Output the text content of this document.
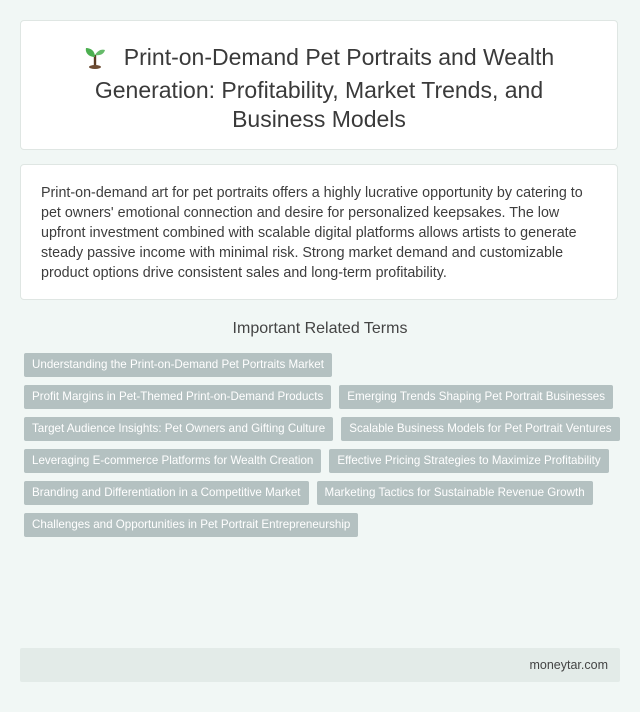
Print-on-Demand Pet Portraits and Wealth Generation: Profitability, Market Trends, and Business Models

Print-on-demand art for pet portraits offers a highly lucrative opportunity by catering to pet owners' emotional connection and desire for personalized keepsakes. The low upfront investment combined with scalable digital platforms allows artists to generate steady passive income with minimal risk. Strong market demand and customizable product options drive consistent sales and long-term profitability.

Important Related Terms
Understanding the Print-on-Demand Pet Portraits Market
Profit Margins in Pet-Themed Print-on-Demand Products	Emerging Trends Shaping Pet Portrait Businesses
Target Audience Insights: Pet Owners and Gifting Culture	Scalable Business Models for Pet Portrait Ventures
Leveraging E-commerce Platforms for Wealth Creation	Effective Pricing Strategies to Maximize Profitability
Branding and Differentiation in a Competitive Market	Marketing Tactics for Sustainable Revenue Growth
Challenges and Opportunities in Pet Portrait Entrepreneurship
moneytar.com
